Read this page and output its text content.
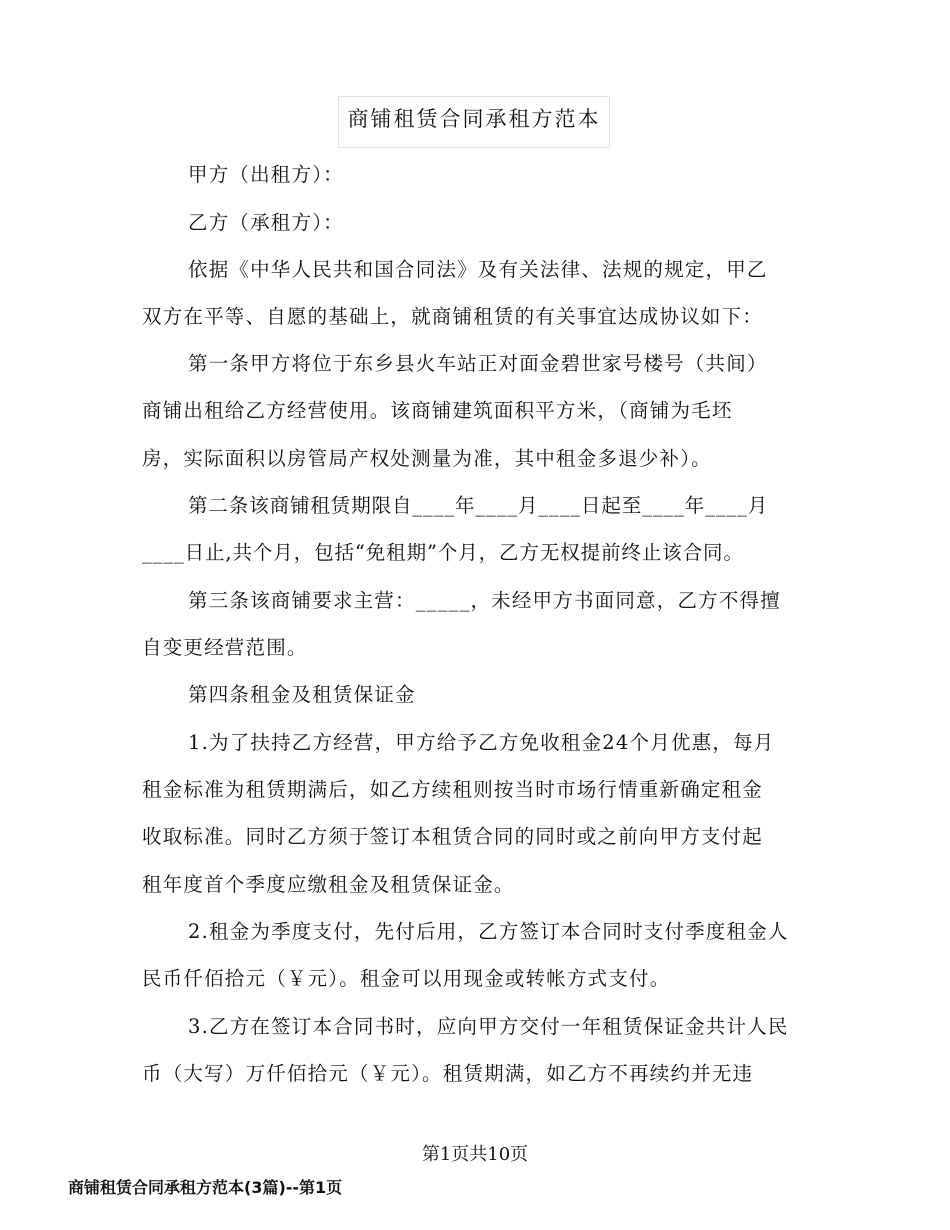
商铺租赁合同承租方范本
甲方（出租方）：
乙方（承租方）：
依据《中华人民共和国合同法》及有关法律、法规的规定，甲乙
双方在平等、自愿的基础上，就商铺租赁的有关事宜达成协议如下：
第一条甲方将位于东乡县火车站正对面金碧世家号楼号（共间）
商铺出租给乙方经营使用。该商铺建筑面积平方米，（商铺为毛坯
房，实际面积以房管局产权处测量为准，其中租金多退少补）。
第二条该商铺租赁期限自____年____月____日起至____年____月
____日止,共个月，包括“免租期”个月，乙方无权提前终止该合同。
第三条该商铺要求主营：_____，未经甲方书面同意，乙方不得擅
自变更经营范围。
第四条租金及租赁保证金
1.为了扶持乙方经营，甲方给予乙方免收租金24个月优惠，每月
租金标准为租赁期满后，如乙方续租则按当时市场行情重新确定租金
收取标准。同时乙方须于签订本租赁合同的同时或之前向甲方支付起
租年度首个季度应缴租金及租赁保证金。
2.租金为季度支付，先付后用，乙方签订本合同时支付季度租金人
民币仟佰拾元（￥元）。租金可以用现金或转帐方式支付。
3.乙方在签订本合同书时，应向甲方交付一年租赁保证金共计人民
币（大写）万仟佰拾元（￥元）。租赁期满，如乙方不再续约并无违
第1页共10页
商铺租赁合同承租方范本(3篇)--第1页
